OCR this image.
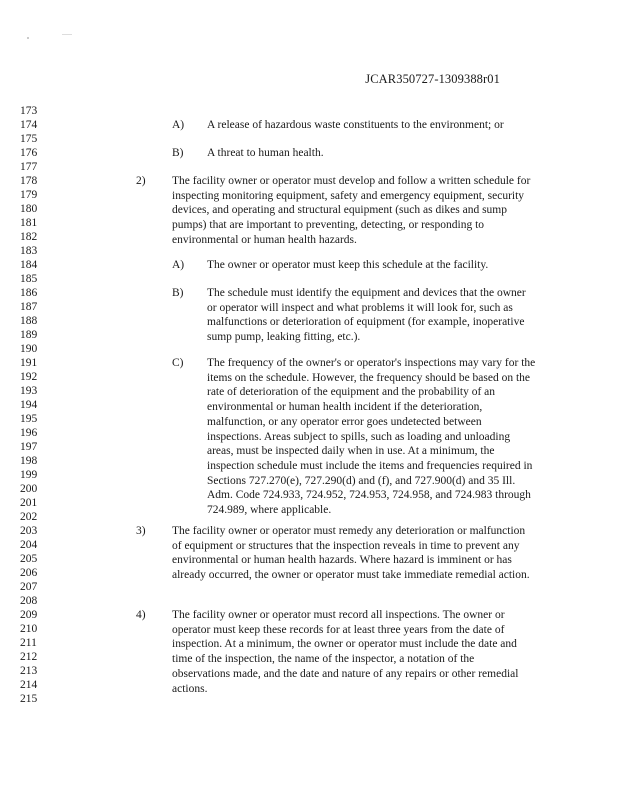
JCAR350727-1309388r01
173
174
175
176
177
178
179
180
181
182
183
184
185
186
187
188
189
190
191
192
193
194
195
196
197
198
199
200
201
202
203
204
205
206
207
208
209
210
211
212
213
214
215
A) A release of hazardous waste constituents to the environment; or
B) A threat to human health.
2) The facility owner or operator must develop and follow a written schedule for inspecting monitoring equipment, safety and emergency equipment, security devices, and operating and structural equipment (such as dikes and sump pumps) that are important to preventing, detecting, or responding to environmental or human health hazards.
A) The owner or operator must keep this schedule at the facility.
B) The schedule must identify the equipment and devices that the owner or operator will inspect and what problems it will look for, such as malfunctions or deterioration of equipment (for example, inoperative sump pump, leaking fitting, etc.).
C) The frequency of the owner's or operator's inspections may vary for the items on the schedule. However, the frequency should be based on the rate of deterioration of the equipment and the probability of an environmental or human health incident if the deterioration, malfunction, or any operator error goes undetected between inspections. Areas subject to spills, such as loading and unloading areas, must be inspected daily when in use. At a minimum, the inspection schedule must include the items and frequencies required in Sections 727.270(e), 727.290(d) and (f), and 727.900(d) and 35 Ill. Adm. Code 724.933, 724.952, 724.953, 724.958, and 724.983 through 724.989, where applicable.
3) The facility owner or operator must remedy any deterioration or malfunction of equipment or structures that the inspection reveals in time to prevent any environmental or human health hazards. Where hazard is imminent or has already occurred, the owner or operator must take immediate remedial action.
4) The facility owner or operator must record all inspections. The owner or operator must keep these records for at least three years from the date of inspection. At a minimum, the owner or operator must include the date and time of the inspection, the name of the inspector, a notation of the observations made, and the date and nature of any repairs or other remedial actions.
